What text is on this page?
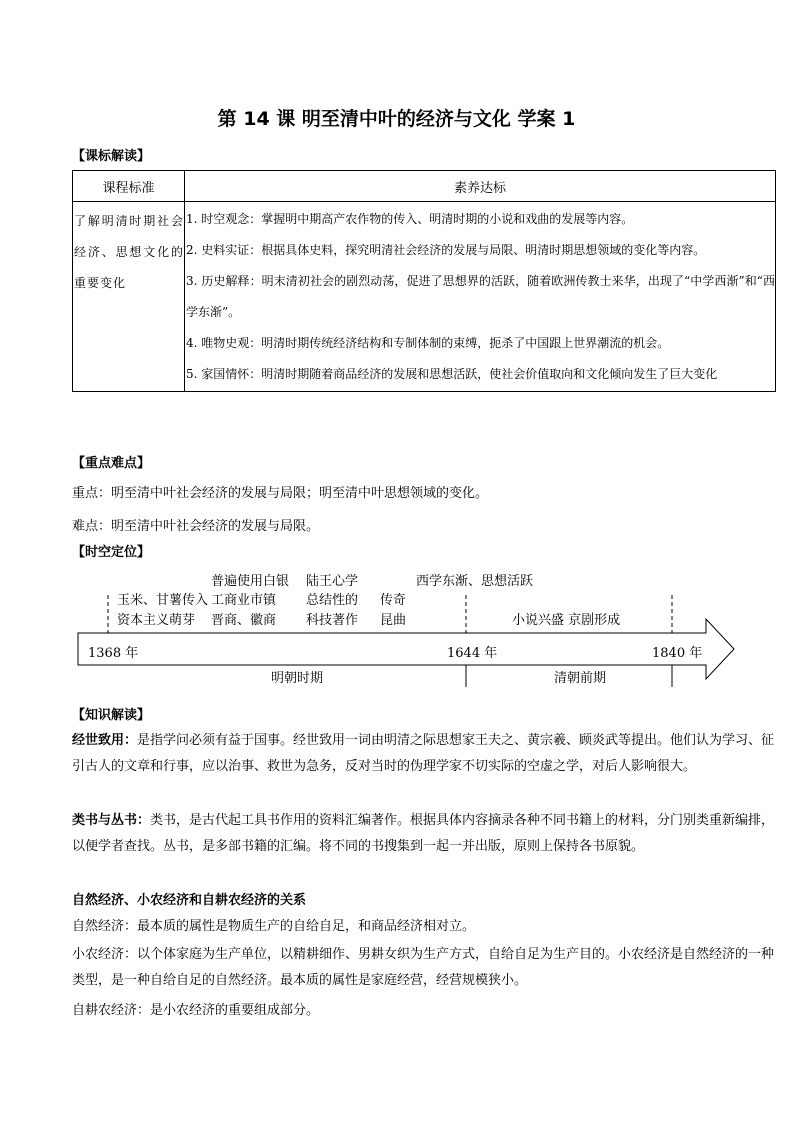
第 14 课 明至清中叶的经济与文化 学案 1
【课标解读】
课程标准	素养达标

了解明清时期社会经济、思想文化的重要变化	1. 时空观念：掌握明中期高产农作物的传入、明清时期的小说和戏曲的发展等内容。

2. 史料实证：根据具体史料，探究明清社会经济的发展与局限、明清时期思想领域的变化等内容。

3. 历史解释：明末清初社会的剧烈动荡，促进了思想界的活跃，随着欧洲传教士来华，出现了“中学西渐”和“西学东渐”。

4. 唯物史观：明清时期传统经济结构和专制体制的束缚，扼杀了中国跟上世界潮流的机会。

5. 家国情怀：明清时期随着商品经济的发展和思想活跃，使社会价值取向和文化倾向发生了巨大变化

【重点难点】

重点：明至清中叶社会经济的发展与局限；明至清中叶思想领域的变化。

难点：明至清中叶社会经济的发展与局限。

【时空定位】
1368 年	1644 年	1840 年
玉米、甘薯传入
资本主义萌芽
普遍使用白银
工商业市镇
晋商、徽商
陆王心学
总结性的
科技著作
传奇
昆曲
西学东渐、思想活跃
小说兴盛 京剧形成
明朝时期	清朝前期
【知识解读】

经世致用：是指学问必须有益于国事。经世致用一词由明清之际思想家王夫之、黄宗羲、顾炎武等提出。他们认为学习、征引古人的文章和行事，应以治事、救世为急务，反对当时的伪理学家不切实际的空虚之学，对后人影响很大。

类书与丛书：类书，是古代起工具书作用的资料汇编著作。根据具体内容摘录各种不同书籍上的材料，分门别类重新编排，以便学者查找。丛书，是多部书籍的汇编。将不同的书搜集到一起一并出版，原则上保持各书原貌。

自然经济、小农经济和自耕农经济的关系

自然经济：最本质的属性是物质生产的自给自足，和商品经济相对立。

小农经济：以个体家庭为生产单位，以精耕细作、男耕女织为生产方式，自给自足为生产目的。小农经济是自然经济的一种类型，是一种自给自足的自然经济。最本质的属性是家庭经营，经营规模狭小。

自耕农经济：是小农经济的重要组成部分。
